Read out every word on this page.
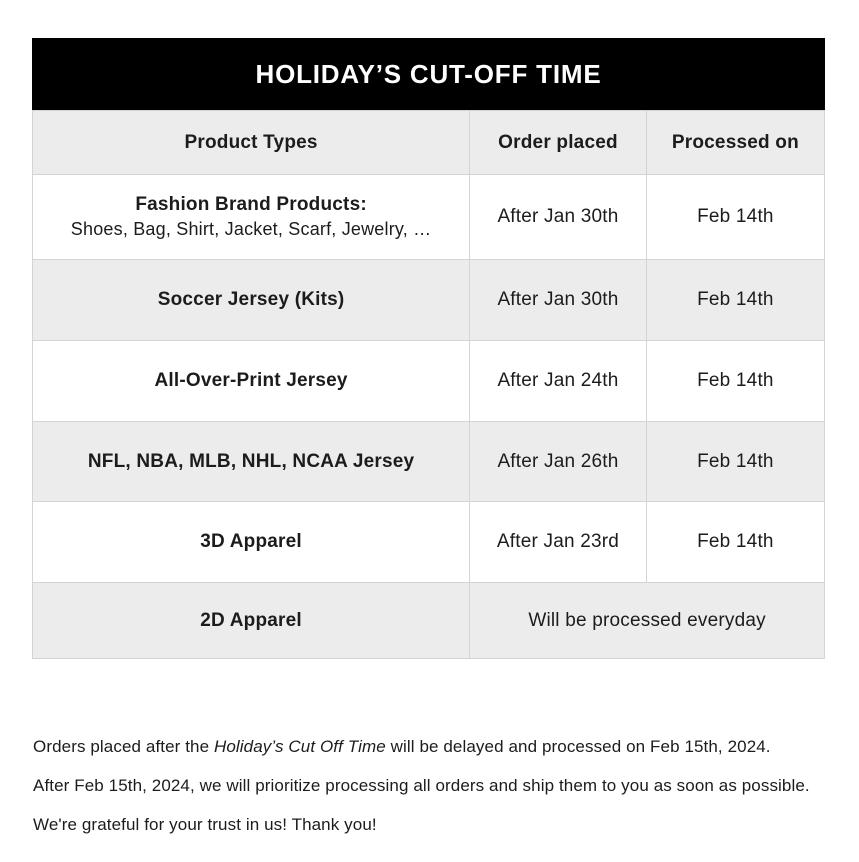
HOLIDAY’S CUT-OFF TIME
Product Types	Order placed	Processed on

Fashion Brand Products:
Shoes, Bag, Shirt, Jacket, Scarf, Jewelry, …	After Jan 30th	Feb 14th
Soccer Jersey (Kits)	After Jan 30th	Feb 14th
All-Over-Print Jersey	After Jan 24th	Feb 14th
NFL, NBA, MLB, NHL, NCAA Jersey	After Jan 26th	Feb 14th
3D Apparel	After Jan 23rd	Feb 14th
2D Apparel	Will be processed everyday	

Orders placed after the Holiday’s Cut Off Time will be delayed and processed on Feb 15th, 2024.

After Feb 15th, 2024, we will prioritize processing all orders and ship them to you as soon as possible.

We're grateful for your trust in us! Thank you!
